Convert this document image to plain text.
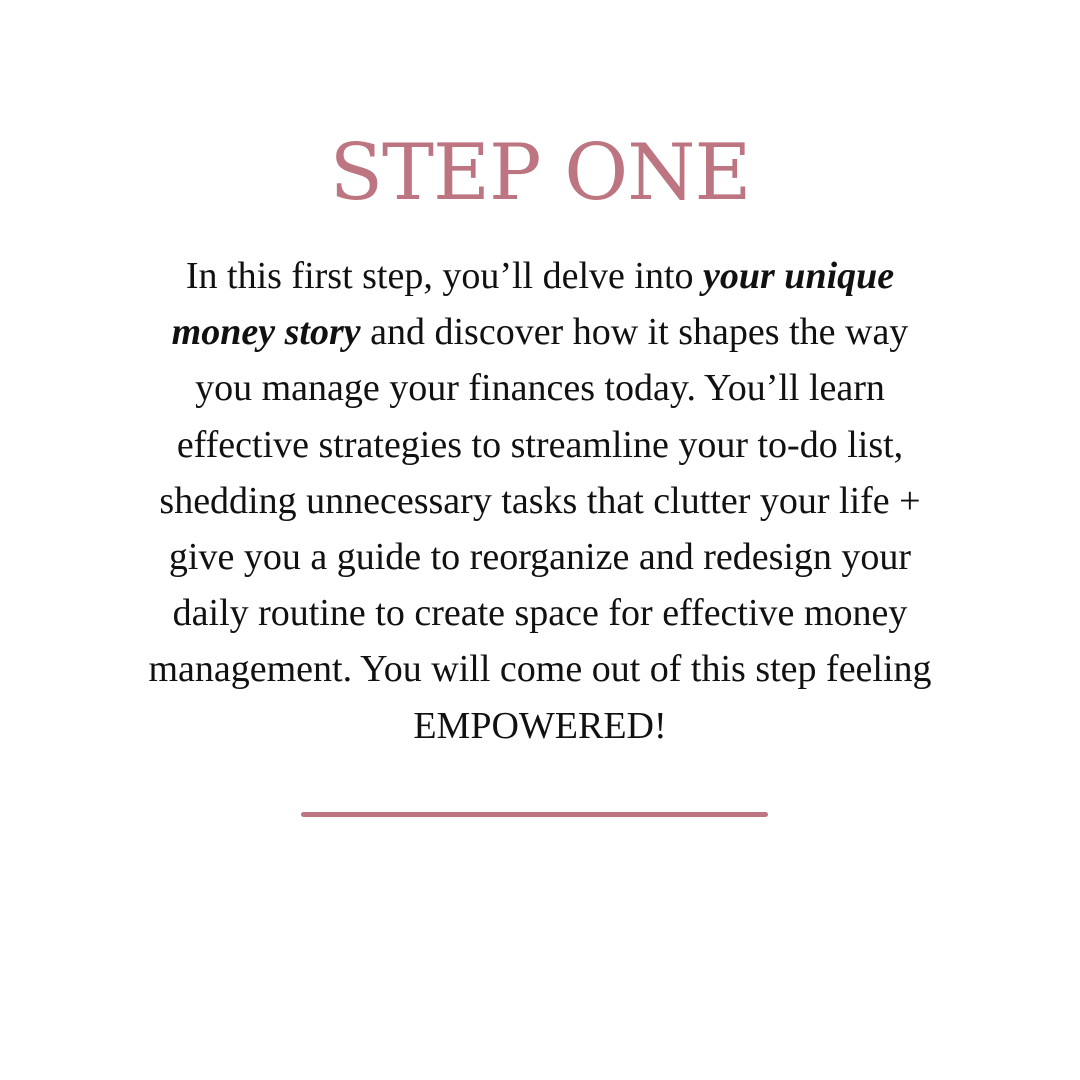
STEP ONE

In this first step, you’ll delve into your unique
money story and discover how it shapes the way
you manage your finances today. You’ll learn
effective strategies to streamline your to-do list,
shedding unnecessary tasks that clutter your life +
give you a guide to reorganize and redesign your
daily routine to create space for effective money
management. You will come out of this step feeling
EMPOWERED!
